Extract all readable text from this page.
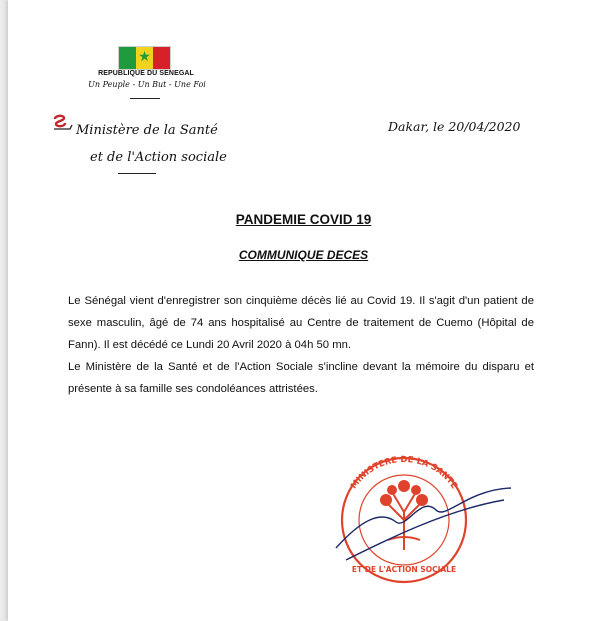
★
REPUBLIQUE DU SENEGAL
Un Peuple - Un But - Une Foi
Ministère de la Santé
et de l'Action sociale
Dakar, le 20/04/2020
PANDEMIE COVID 19
COMMUNIQUE DECES

Le Sénégal vient d'enregistrer son cinquième décès lié au Covid 19. Il s'agit d'un patient de sexe masculin, âgé de 74 ans hospitalisé au Centre de traitement de Cuemo (Hôpital de Fann). Il est décédé ce Lundi 20 Avril 2020 à 04h 50 mn.

Le Ministère de la Santé et de l'Action Sociale s'incline devant la mémoire du disparu et présente à sa famille ses condoléances attristées.

MINISTERE DE LA SANTE
ET DE L'ACTION SOCIALE
